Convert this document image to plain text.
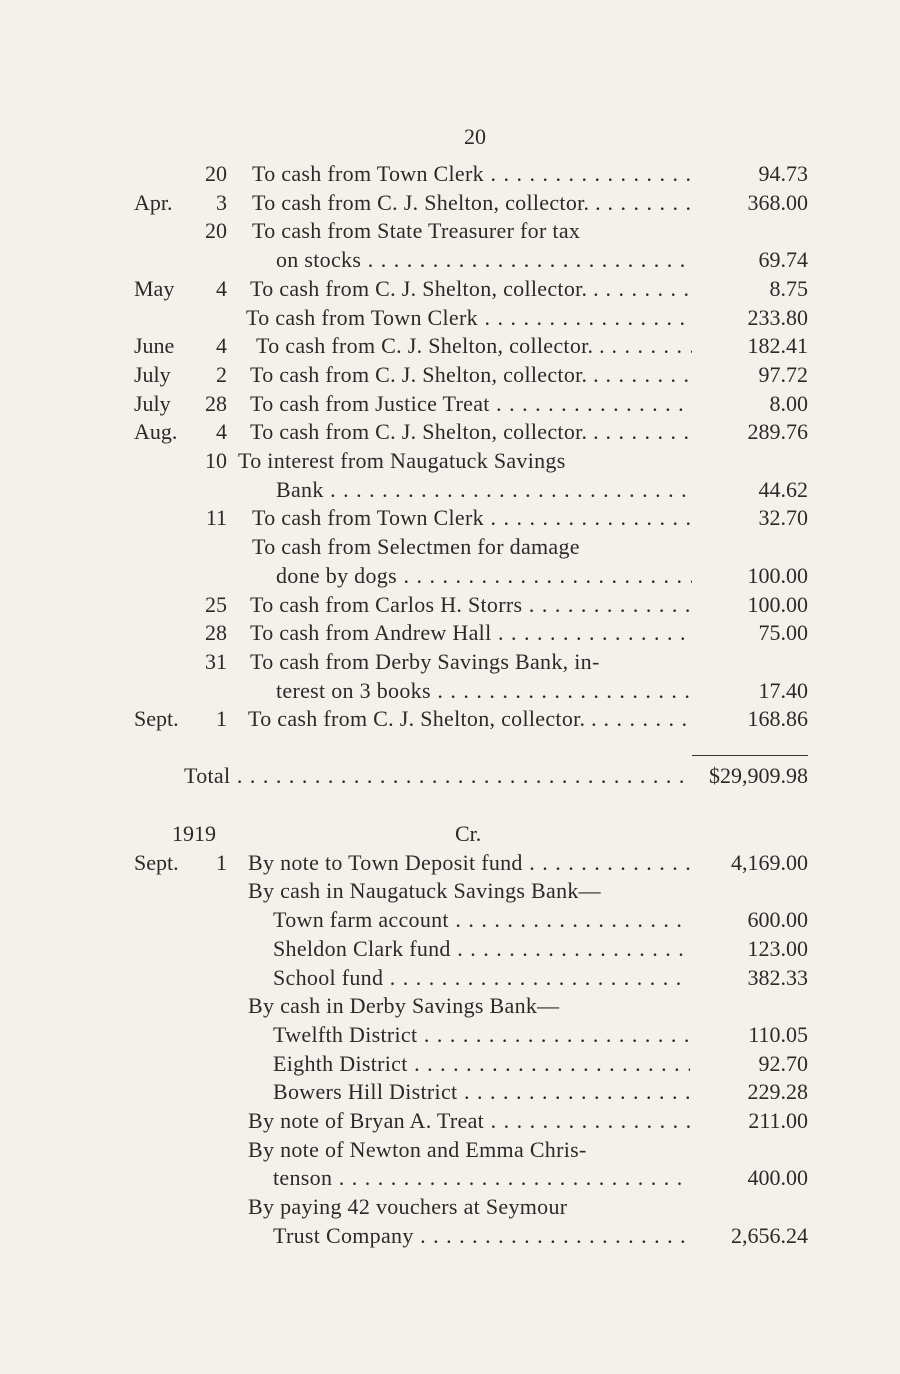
20
20 To cash from Town Clerk . . .	94.73
Apr.	3 To cash from C. J. Shelton, collector. . . . .	368.00
20 To cash from State Treasurer for tax
on stocks . . .	69.74
May	4 To cash from C. J. Shelton, collector. . . . .	8.75
To cash from Town Clerk . . .	233.80
June	4 To cash from C. J. Shelton, collector. . . . .	182.41
July	2 To cash from C. J. Shelton, collector. . . . .	97.72
July	28 To cash from Justice Treat . . .	8.00
Aug.	4 To cash from C. J. Shelton, collector. . . . .	289.76
10 To interest from Naugatuck Savings
Bank . . .	44.62
11 To cash from Town Clerk . . .	32.70
To cash from Selectmen for damage
done by dogs . . .	100.00
25 To cash from Carlos H. Storrs . . .	100.00
28 To cash from Andrew Hall . . .	75.00
31 To cash from Derby Savings Bank, in-
terest on 3 books . . .	17.40
Sept.	1 To cash from C. J. Shelton, collector. . . . .	168.86
Total . . .	$29,909.98
1919	Cr.
Sept.	1 By note to Town Deposit fund . . .	4,169.00
By cash in Naugatuck Savings Bank—
Town farm account . . .	600.00
Sheldon Clark fund . . .	123.00
School fund . . .	382.33
By cash in Derby Savings Bank—
Twelfth District . . .	110.05
Eighth District . . .	92.70
Bowers Hill District . . .	229.28
By note of Bryan A. Treat . . .	211.00
By note of Newton and Emma Chris-
tenson . . .	400.00
By paying 42 vouchers at Seymour
Trust Company . . .	2,656.24
